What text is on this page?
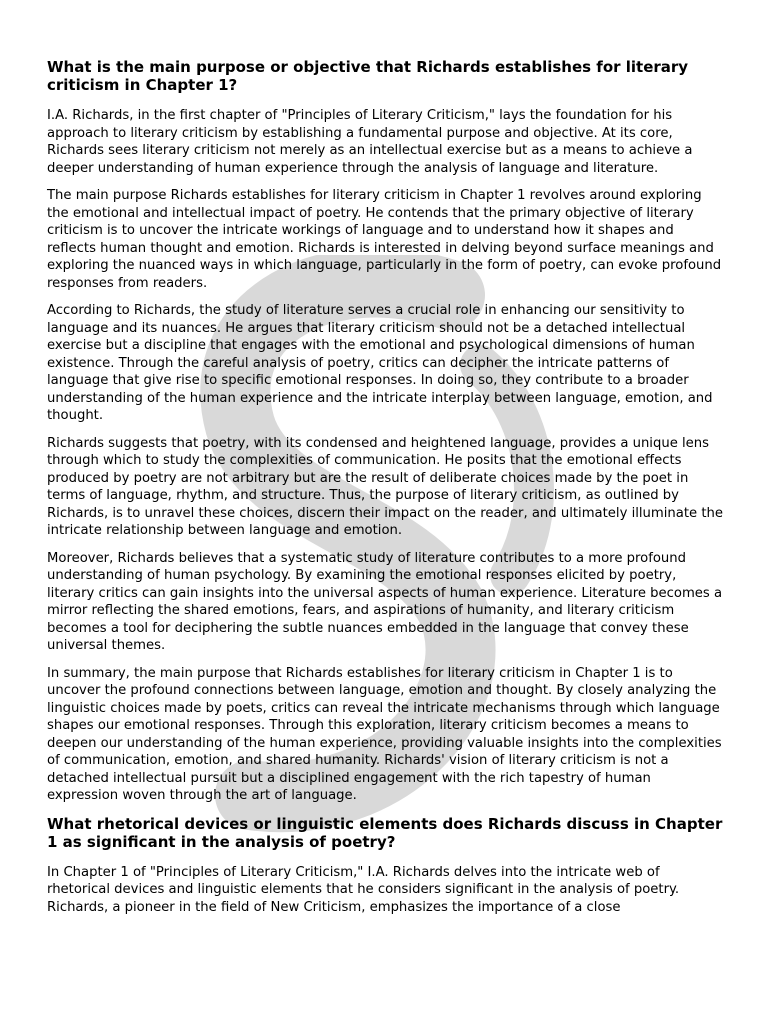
What is the main purpose or objective that Richards establishes for literary criticism in Chapter 1?

I.A. Richards, in the first chapter of "Principles of Literary Criticism," lays the foundation for his approach to literary criticism by establishing a fundamental purpose and objective. At its core, Richards sees literary criticism not merely as an intellectual exercise but as a means to achieve a deeper understanding of human experience through the analysis of language and literature.

The main purpose Richards establishes for literary criticism in Chapter 1 revolves around exploring the emotional and intellectual impact of poetry. He contends that the primary objective of literary criticism is to uncover the intricate workings of language and to understand how it shapes and reflects human thought and emotion. Richards is interested in delving beyond surface meanings and exploring the nuanced ways in which language, particularly in the form of poetry, can evoke profound responses from readers.

According to Richards, the study of literature serves a crucial role in enhancing our sensitivity to language and its nuances. He argues that literary criticism should not be a detached intellectual exercise but a discipline that engages with the emotional and psychological dimensions of human existence. Through the careful analysis of poetry, critics can decipher the intricate patterns of language that give rise to specific emotional responses. In doing so, they contribute to a broader understanding of the human experience and the intricate interplay between language, emotion, and thought.

Richards suggests that poetry, with its condensed and heightened language, provides a unique lens through which to study the complexities of communication. He posits that the emotional effects produced by poetry are not arbitrary but are the result of deliberate choices made by the poet in terms of language, rhythm, and structure. Thus, the purpose of literary criticism, as outlined by Richards, is to unravel these choices, discern their impact on the reader, and ultimately illuminate the intricate relationship between language and emotion.

Moreover, Richards believes that a systematic study of literature contributes to a more profound understanding of human psychology. By examining the emotional responses elicited by poetry, literary critics can gain insights into the universal aspects of human experience. Literature becomes a mirror reflecting the shared emotions, fears, and aspirations of humanity, and literary criticism becomes a tool for deciphering the subtle nuances embedded in the language that convey these universal themes.

In summary, the main purpose that Richards establishes for literary criticism in Chapter 1 is to uncover the profound connections between language, emotion and thought. By closely analyzing the linguistic choices made by poets, critics can reveal the intricate mechanisms through which language shapes our emotional responses. Through this exploration, literary criticism becomes a means to deepen our understanding of the human experience, providing valuable insights into the complexities of communication, emotion, and shared humanity. Richards' vision of literary criticism is not a detached intellectual pursuit but a disciplined engagement with the rich tapestry of human expression woven through the art of language.

What rhetorical devices or linguistic elements does Richards discuss in Chapter 1 as significant in the analysis of poetry?

In Chapter 1 of "Principles of Literary Criticism," I.A. Richards delves into the intricate web of rhetorical devices and linguistic elements that he considers significant in the analysis of poetry. Richards, a pioneer in the field of New Criticism, emphasizes the importance of a close
